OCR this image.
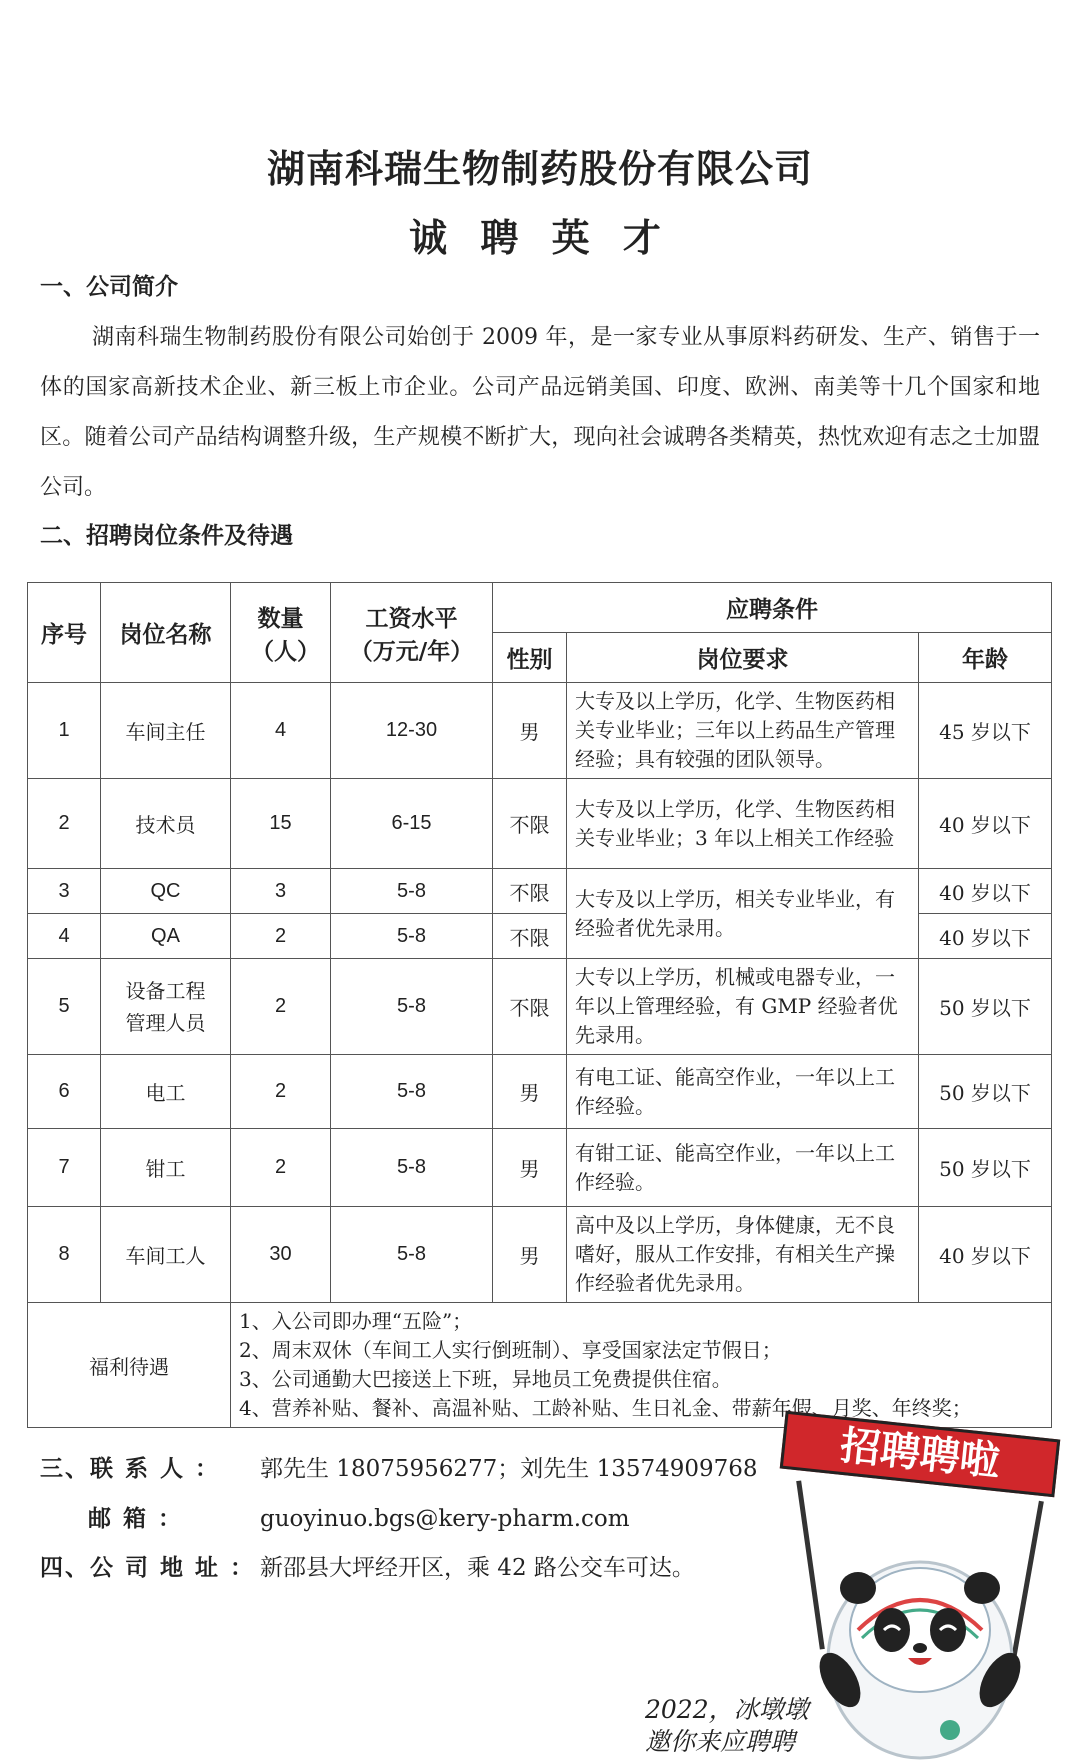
湖南科瑞生物制药股份有限公司
诚 聘 英 才
一、公司简介
湖南科瑞生物制药股份有限公司始创于 2009 年，是一家专业从事原料药研发、生产、销售于一体的国家高新技术企业、新三板上市企业。公司产品远销美国、印度、欧洲、南美等十几个国家和地区。随着公司产品结构调整升级，生产规模不断扩大，现向社会诚聘各类精英，热忱欢迎有志之士加盟公司。
二、招聘岗位条件及待遇
序号	岗位名称	数量（人）	工资水平（万元/年）	应聘条件		
				性别	岗位要求	年龄
1	车间主任	4	12-30	男	大专及以上学历，化学、生物医药相关专业毕业；三年以上药品生产管理经验；具有较强的团队领导。	45 岁以下
2	技术员	15	6-15	不限	大专及以上学历，化学、生物医药相关专业毕业；3 年以上相关工作经验	40 岁以下
3	QC	3	5-8	不限	大专及以上学历，相关专业毕业，有经验者优先录用。	40 岁以下
4	QA	2	5-8	不限		40 岁以下
5	设备工程管理人员	2	5-8	不限	大专以上学历，机械或电器专业，一年以上管理经验，有 GMP 经验者优先录用。	50 岁以下
6	电工	2	5-8	男	有电工证、能高空作业，一年以上工作经验。	50 岁以下
7	钳工	2	5-8	男	有钳工证、能高空作业，一年以上工作经验。	50 岁以下
8	车间工人	30	5-8	男	高中及以上学历，身体健康，无不良嗜好，服从工作安排，有相关生产操作经验者优先录用。	40 岁以下
福利待遇		1、入公司即办理“五险”；
2、周末双休（车间工人实行倒班制）、享受国家法定节假日；
3、公司通勤大巴接送上下班，异地员工免费提供住宿。
4、营养补贴、餐补、高温补贴、工龄补贴、生日礼金、带薪年假、月奖、年终奖；				
三、联 系 人 ： 郭先生 18075956277；刘先生 13574909768
邮 箱 ：	guoyinuo.bgs@kery-pharm.com
四、公 司 地 址 ： 新邵县大坪经开区，乘 42 路公交车可达。
招聘聘啦
2022，冰墩墩
邀你来应聘聘
